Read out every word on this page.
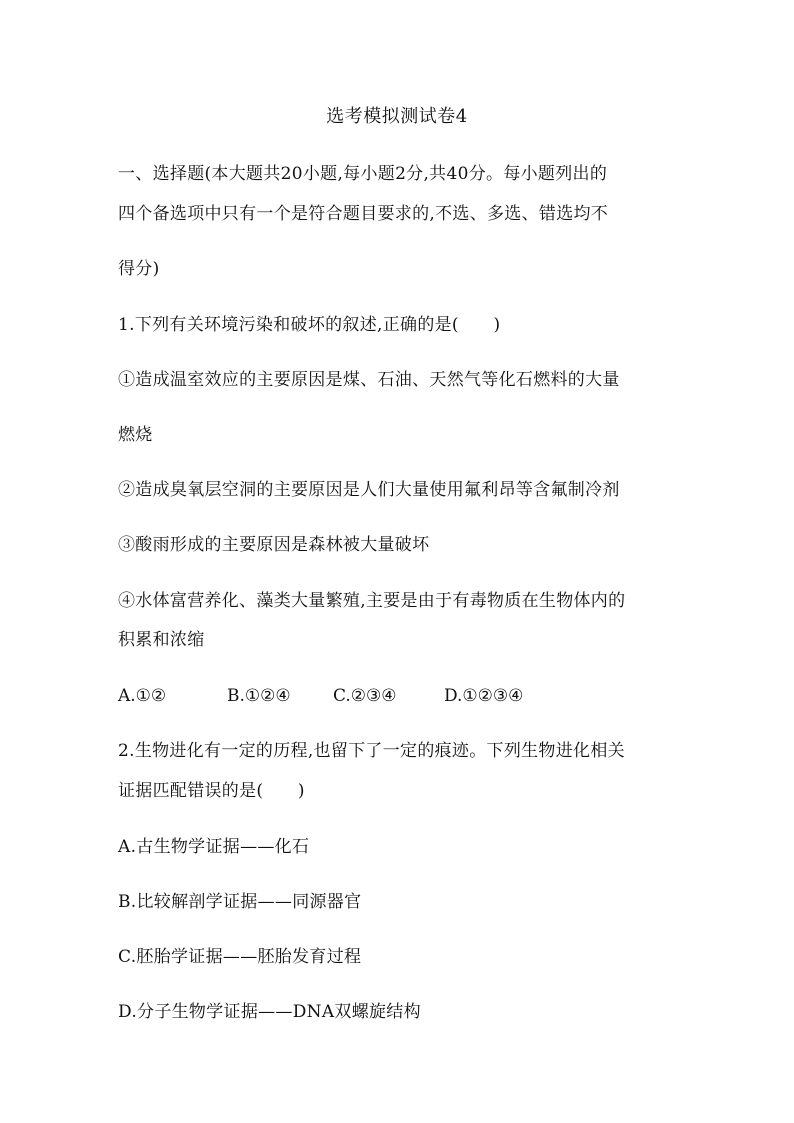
选考模拟测试卷4
一、选择题(本大题共20小题,每小题2分,共40分。每小题列出的
四个备选项中只有一个是符合题目要求的,不选、多选、错选均不
得分)
1.下列有关环境污染和破坏的叙述,正确的是(　　)
①造成温室效应的主要原因是煤、石油、天然气等化石燃料的大量
燃烧
②造成臭氧层空洞的主要原因是人们大量使用氟利昂等含氟制冷剂
③酸雨形成的主要原因是森林被大量破坏
④水体富营养化、藻类大量繁殖,主要是由于有毒物质在生物体内的
积累和浓缩
A.①②	B.①②④ C.②③④	D.①②③④
2.生物进化有一定的历程,也留下了一定的痕迹。下列生物进化相关
证据匹配错误的是(　　)
A.古生物学证据——化石
B.比较解剖学证据——同源器官
C.胚胎学证据——胚胎发育过程
D.分子生物学证据——DNA双螺旋结构
